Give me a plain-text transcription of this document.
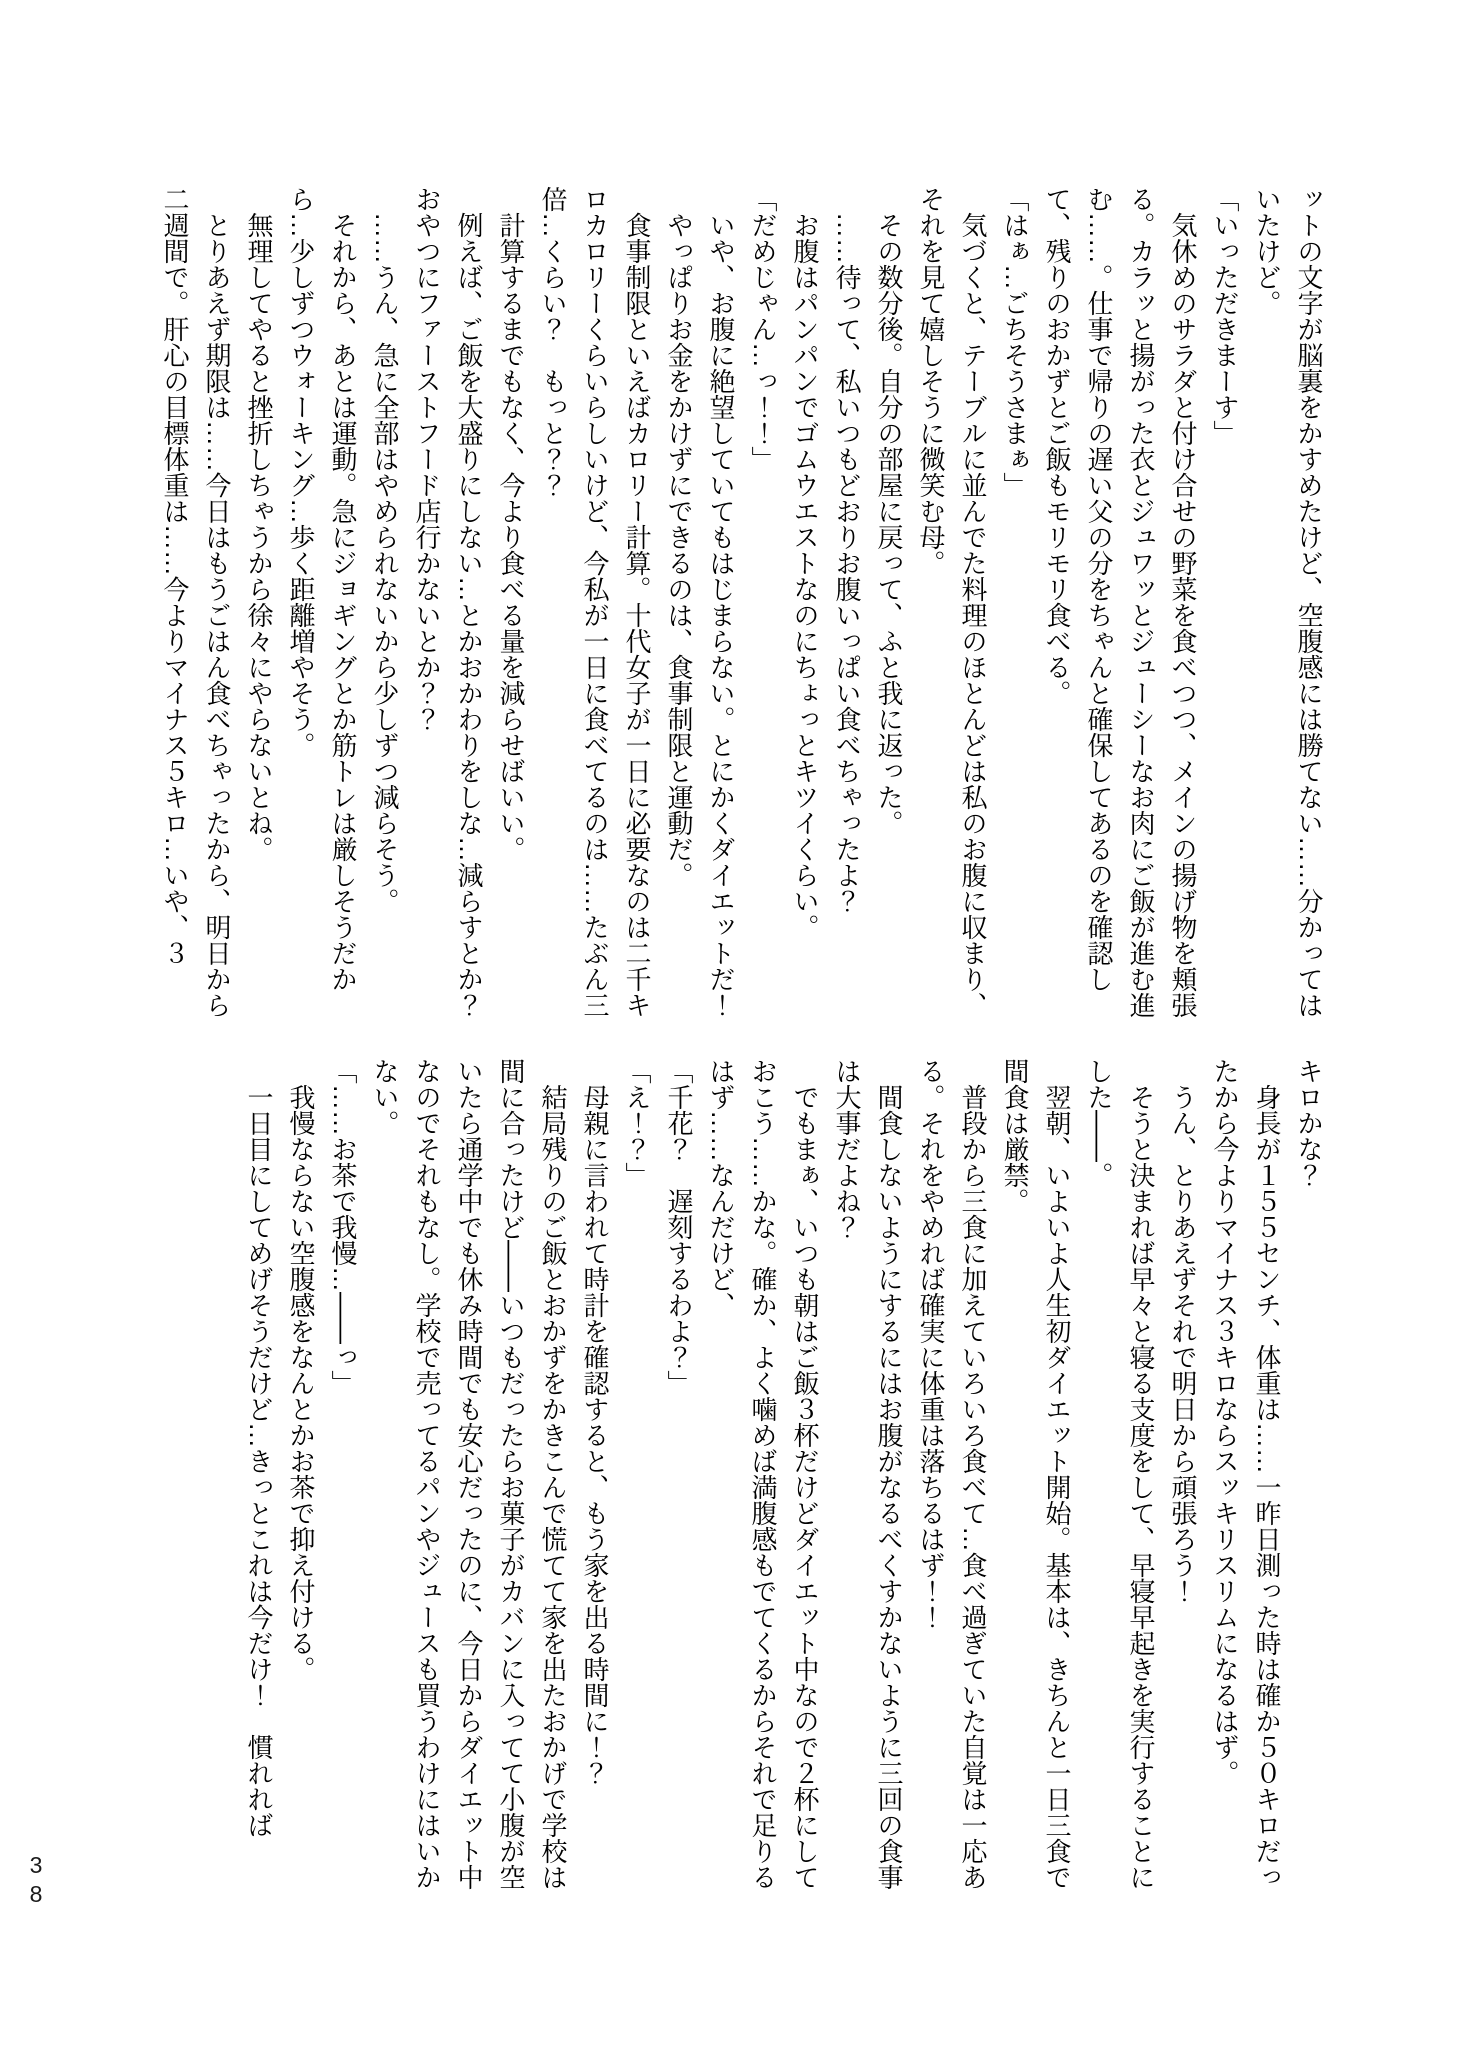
ットの文字が脳裏をかすめたけど、空腹感には勝てない……分かってはいたけど。

「いっただきまーす」

気休めのサラダと付け合せの野菜を食べつつ、メインの揚げ物を頬張る。カラッと揚がった衣とジュワッとジューシーなお肉にご飯が進む進む……。仕事で帰りの遅い父の分をちゃんと確保してあるのを確認して、残りのおかずとご飯もモリモリ食べる。

「はぁ…ごちそうさまぁ」

気づくと、テーブルに並んでた料理のほとんどは私のお腹に収まり、それを見て嬉しそうに微笑む母。

その数分後。自分の部屋に戻って、ふと我に返った。

……待って、私いつもどおりお腹いっぱい食べちゃったよ？

お腹はパンパンでゴムウエストなのにちょっとキツイくらい。

「だめじゃん…っ！！」

いや、お腹に絶望していてもはじまらない。とにかくダイエットだ！

やっぱりお金をかけずにできるのは、食事制限と運動だ。

食事制限といえばカロリー計算。十代女子が一日に必要なのは二千キロカロリーくらいらしいけど、今私が一日に食べてるのは……たぶん三倍…くらい？　もっと？？

計算するまでもなく、今より食べる量を減らせばいい。

例えば、ご飯を大盛りにしない…とかおかわりをしな…減らすとか？　おやつにファーストフード店行かないとか？？

……うん、急に全部はやめられないから少しずつ減らそう。

それから、あとは運動。急にジョギングとか筋トレは厳しそうだから…少しずつウォーキング…歩く距離増やそう。

無理してやると挫折しちゃうから徐々にやらないとね。

とりあえず期限は……今日はもうごはん食べちゃったから、明日から二週間で。肝心の目標体重は……今よりマイナス５キロ…いや、３

キロかな？

身長が１５５センチ、体重は……一昨日測った時は確か５０キロだったから今よりマイナス３キロならスッキリスリムになるはず。

うん、とりあえずそれで明日から頑張ろう！

そうと決まれば早々と寝る支度をして、早寝早起きを実行することにした――。

翌朝、いよいよ人生初ダイエット開始。基本は、きちんと一日三食で間食は厳禁。

普段から三食に加えていろいろ食べて…食べ過ぎていた自覚は一応ある。それをやめれば確実に体重は落ちるはず！！

間食しないようにするにはお腹がなるべくすかないように三回の食事は大事だよね？

でもまぁ、いつも朝はご飯３杯だけどダイエット中なので２杯にしておこう……かな。確か、よく噛めば満腹感もでてくるからそれで足りるはず……なんだけど、

「千花？　遅刻するわよ？」

「え！？」

母親に言われて時計を確認すると、もう家を出る時間に！？

結局残りのご飯とおかずをかきこんで慌てて家を出たおかげで学校は間に合ったけど――いつもだったらお菓子がカバンに入ってて小腹が空いたら通学中でも休み時間でも安心だったのに、今日からダイエット中なのでそれもなし。学校で売ってるパンやジュースも買うわけにはいかない。

「……お茶で我慢…――っ」

我慢ならない空腹感をなんとかお茶で抑え付ける。

一日目にしてめげそうだけど…きっとこれは今だけ！　慣れれば

38
